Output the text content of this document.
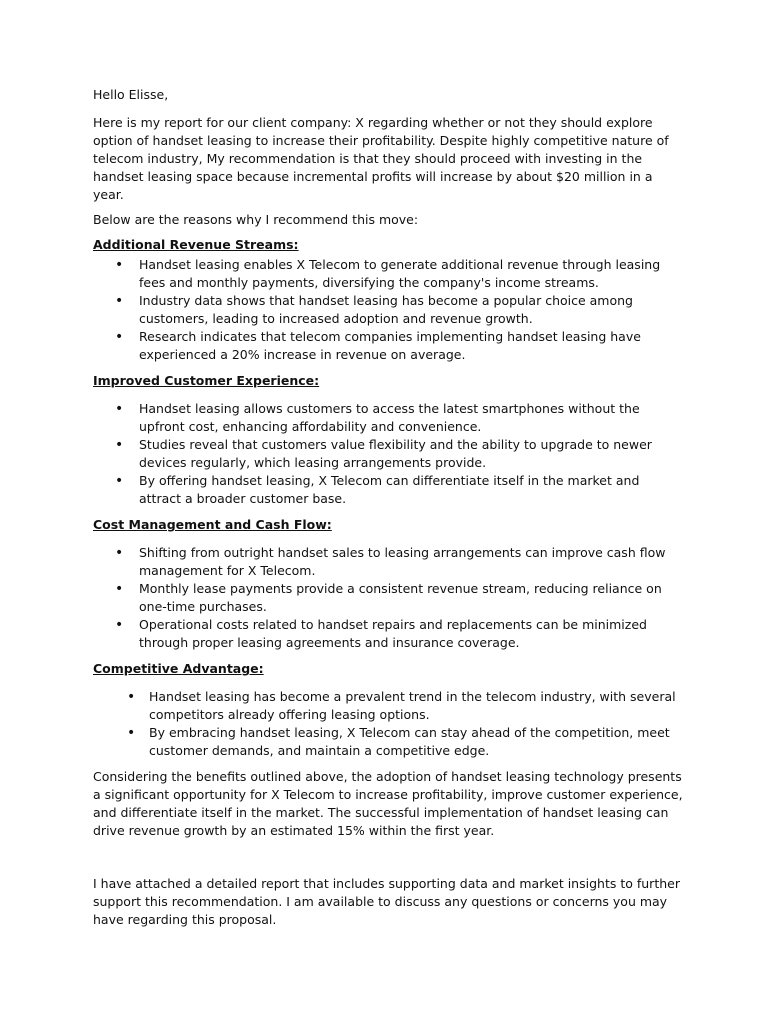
Hello Elisse,

Here is my report for our client company: X regarding whether or not they should explore option of handset leasing to increase their profitability. Despite highly competitive nature of telecom industry, My recommendation is that they should proceed with investing in the handset leasing space because incremental profits will increase by about $20 million in a year.

Below are the reasons why I recommend this move:

Additional Revenue Streams:
• Handset leasing enables X Telecom to generate additional revenue through leasing fees and monthly payments, diversifying the company's income streams.
• Industry data shows that handset leasing has become a popular choice among customers, leading to increased adoption and revenue growth.
• Research indicates that telecom companies implementing handset leasing have experienced a 20% increase in revenue on average.
Improved Customer Experience:
• Handset leasing allows customers to access the latest smartphones without the upfront cost, enhancing affordability and convenience.
• Studies reveal that customers value flexibility and the ability to upgrade to newer devices regularly, which leasing arrangements provide.
• By offering handset leasing, X Telecom can differentiate itself in the market and attract a broader customer base.
Cost Management and Cash Flow:
• Shifting from outright handset sales to leasing arrangements can improve cash flow management for X Telecom.
• Monthly lease payments provide a consistent revenue stream, reducing reliance on one-time purchases.
• Operational costs related to handset repairs and replacements can be minimized through proper leasing agreements and insurance coverage.
Competitive Advantage:
• Handset leasing has become a prevalent trend in the telecom industry, with several competitors already offering leasing options.
• By embracing handset leasing, X Telecom can stay ahead of the competition, meet customer demands, and maintain a competitive edge.

Considering the benefits outlined above, the adoption of handset leasing technology presents a significant opportunity for X Telecom to increase profitability, improve customer experience, and differentiate itself in the market. The successful implementation of handset leasing can drive revenue growth by an estimated 15% within the first year.

I have attached a detailed report that includes supporting data and market insights to further support this recommendation. I am available to discuss any questions or concerns you may have regarding this proposal.
